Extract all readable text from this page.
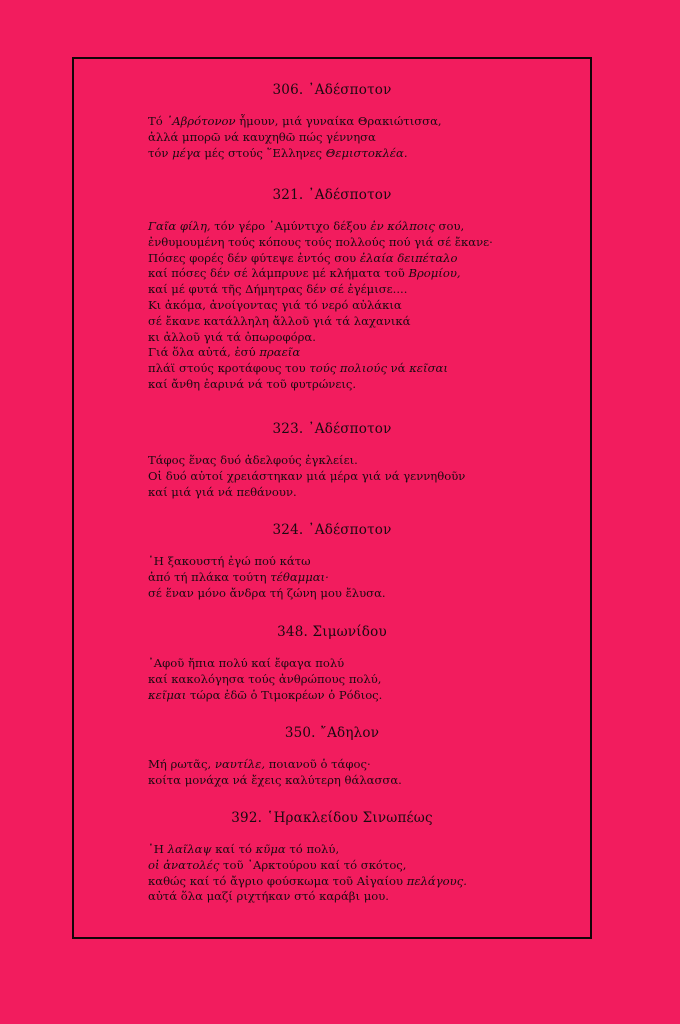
306. ᾿Αδέσποτον
Τό ᾿Αβρότονον ἦμουν, μιά γυναίκα Θρακιώτισσα,
ἀλλά μπορῶ νά καυχηθῶ πώς γέννησα
τόν μέγα μές στούς ῞Ελληνες Θεμιστοκλέα.
321. ᾿Αδέσποτον
Γαῖα φίλη, τόν γέρο ᾿Αμύντιχο δέξου ἐν κόλποις σου,
ἐνθυμουμένη τούς κόπους τούς πολλούς πού γιά σέ ἔκανε·
Πόσες φορές δέν φύτεψε ἐντός σου ἐλαία δειπέταλο
καί πόσες δέν σέ λάμπρυνε μέ κλήματα τοῦ Βρομίου,
καί μέ φυτά τῆς Δήμητρας δέν σέ ἐγέμισε....
Κι ἀκόμα, ἀνοίγοντας γιά τό νερό αὐλάκια
σέ ἔκανε κατάλληλη ἄλλοῦ γιά τά λαχανικά
κι ἀλλοῦ γιά τά ὀπωροφόρα.
Γιά ὅλα αὐτά, ἐσύ πραεῖα
πλάϊ στούς κροτάφους του τούς πολιούς νά κεῖσαι
καί ἄνθη ἐαρινά νά τοῦ φυτρώνεις.
323. ᾿Αδέσποτον
Τάφος ἕνας δυό ἀδελφούς ἐγκλείει.
Οἱ δυό αὐτοί χρειάστηκαν μιά μέρα γιά νά γεννηθοῦν
καί μιά γιά νά πεθάνουν.
324. ᾿Αδέσποτον
῾Η ξακουστή ἐγώ πού κάτω
ἀπό τή πλάκα τούτη τέθαμμαι·
σέ ἕναν μόνο ἄνδρα τή ζώνη μου ἔλυσα.
348. Σιμωνίδου
᾿Αφοῦ ἤπια πολύ καί ἔφαγα πολύ
καί κακολόγησα τούς ἀνθρώπους πολύ,
κεῖμαι τώρα ἐδῶ ὁ Τιμοκρέων ὁ Ρόδιος.
350. ῎Αδηλον
Μή ρωτᾶς, ναυτίλε, ποιανοῦ ὁ τάφος·
κοίτα μονάχα νά ἔχεις καλύτερη θάλασσα.
392. ῾Ηρακλείδου Σινωπέως
῾Η λαῖλαψ καί τό κῦμα τό πολύ,
οἱ ἀνατολές τοῦ ᾿Αρκτούρου καί τό σκότος,
καθώς καί τό ἄγριο φούσκωμα τοῦ Αἰγαίου πελάγους.
αὐτά ὅλα μαζί ριχτήκαν στό καράβι μου.
